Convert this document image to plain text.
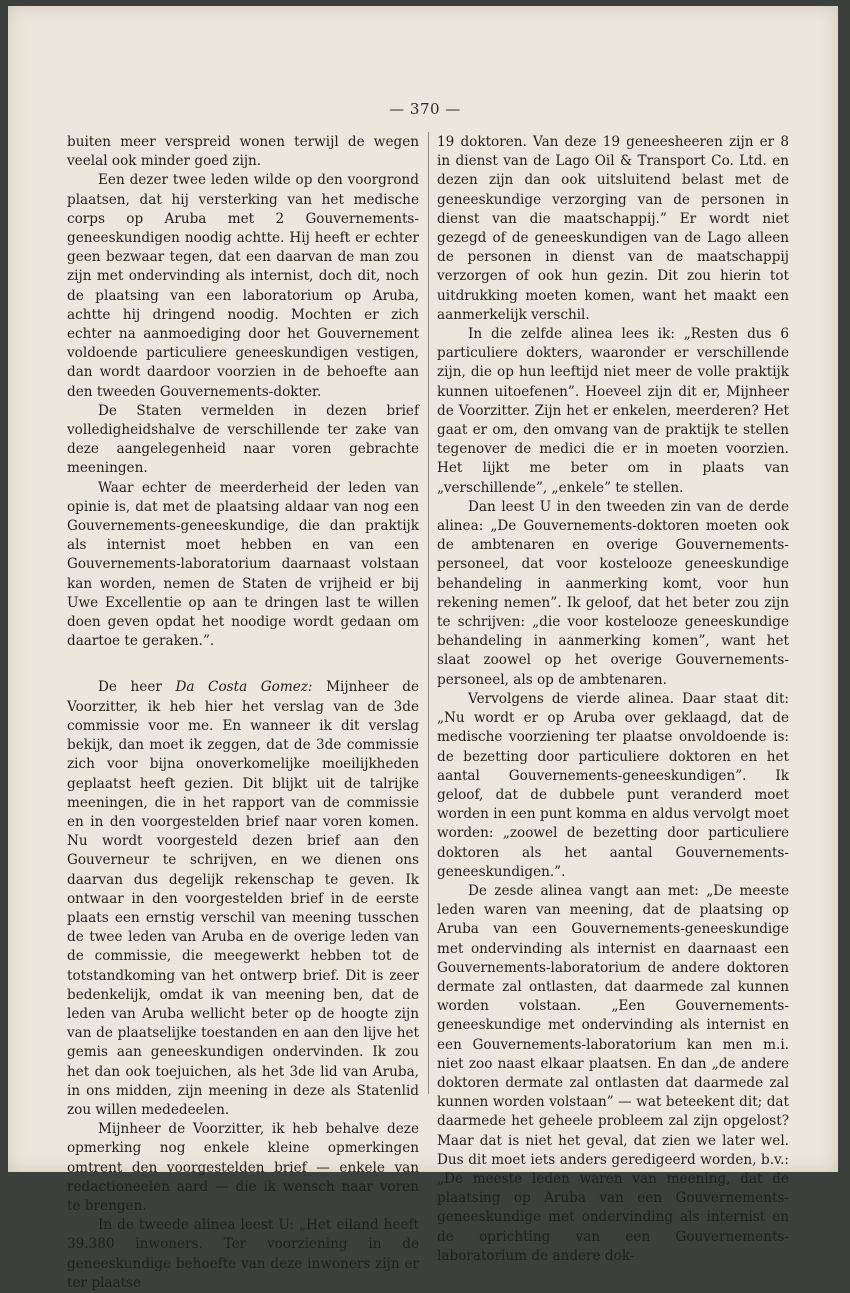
— 370 —

buiten meer verspreid wonen terwijl de wegen veelal ook minder goed zijn.

Een dezer twee leden wilde op den voorgrond plaatsen, dat hij versterking van het medische corps op Aruba met 2 Gouvernements-geneeskundigen noodig achtte. Hij heeft er echter geen bezwaar tegen, dat een daarvan de man zou zijn met ondervinding als internist, doch dit, noch de plaatsing van een laboratorium op Aruba, achtte hij dringend noodig. Mochten er zich echter na aanmoediging door het Gouvernement voldoende particuliere geneeskundigen vestigen, dan wordt daardoor voorzien in de behoefte aan den tweeden Gouvernements-dokter.

De Staten vermelden in dezen brief volledigheidshalve de verschillende ter zake van deze aangelegenheid naar voren gebrachte meeningen.

Waar echter de meerderheid der leden van opinie is, dat met de plaatsing aldaar van nog een Gouvernements-geneeskundige, die dan praktijk als internist moet hebben en van een Gouvernements-laboratorium daarnaast volstaan kan worden, nemen de Staten de vrijheid er bij Uwe Excellentie op aan te dringen last te willen doen geven opdat het noodige wordt gedaan om daartoe te geraken.”.

De heer Da Costa Gomez: Mijnheer de Voorzitter, ik heb hier het verslag van de 3de commissie voor me. En wanneer ik dit verslag bekijk, dan moet ik zeggen, dat de 3de commissie zich voor bijna onoverkomelijke moeilijkheden geplaatst heeft gezien. Dit blijkt uit de talrijke meeningen, die in het rapport van de commissie en in den voorgestelden brief naar voren komen. Nu wordt voorgesteld dezen brief aan den Gouverneur te schrijven, en we dienen ons daarvan dus degelijk rekenschap te geven. Ik ontwaar in den voorgestelden brief in de eerste plaats een ernstig verschil van meening tusschen de twee leden van Aruba en de overige leden van de commissie, die meegewerkt hebben tot de totstandkoming van het ontwerp brief. Dit is zeer bedenkelijk, omdat ik van meening ben, dat de leden van Aruba wellicht beter op de hoogte zijn van de plaatselijke toestanden en aan den lijve het gemis aan geneeskundigen ondervinden. Ik zou het dan ook toejuichen, als het 3de lid van Aruba, in ons midden, zijn meening in deze als Statenlid zou willen mededeelen.

Mijnheer de Voorzitter, ik heb behalve deze opmerking nog enkele kleine opmerkingen omtrent den voorgestelden brief — enkele van redactioneelen aard — die ik wensch naar voren te brengen.

In de tweede alinea leest U: „Het eiland heeft 39.380 inwoners. Ter voorziening in de geneeskundige behoefte van deze inwoners zijn er ter plaatse

19 doktoren. Van deze 19 geneesheeren zijn er 8 in dienst van de Lago Oil & Transport Co. Ltd. en dezen zijn dan ook uitsluitend belast met de geneeskundige verzorging van de personen in dienst van die maatschappij.” Er wordt niet gezegd of de geneeskundigen van de Lago alleen de personen in dienst van de maatschappij verzorgen of ook hun gezin. Dit zou hierin tot uitdrukking moeten komen, want het maakt een aanmerkelijk verschil.

In die zelfde alinea lees ik: „Resten dus 6 particuliere dokters, waaronder er verschillende zijn, die op hun leeftijd niet meer de volle praktijk kunnen uitoefenen”. Hoeveel zijn dit er, Mijnheer de Voorzitter. Zijn het er enkelen, meerderen? Het gaat er om, den omvang van de praktijk te stellen tegenover de medici die er in moeten voorzien. Het lijkt me beter om in plaats van „verschillende”, „enkele” te stellen.

Dan leest U in den tweeden zin van de derde alinea: „De Gouvernements-doktoren moeten ook de ambtenaren en overige Gouvernements-personeel, dat voor kostelooze geneeskundige behandeling in aanmerking komt, voor hun rekening nemen”. Ik geloof, dat het beter zou zijn te schrijven: „die voor kostelooze geneeskundige behandeling in aanmerking komen”, want het slaat zoowel op het overige Gouvernements-personeel, als op de ambtenaren.

Vervolgens de vierde alinea. Daar staat dit: „Nu wordt er op Aruba over geklaagd, dat de medische voorziening ter plaatse onvoldoende is: de bezetting door particuliere doktoren en het aantal Gouvernements-geneeskundigen”. Ik geloof, dat de dubbele punt veranderd moet worden in een punt komma en aldus vervolgt moet worden: „zoowel de bezetting door particuliere doktoren als het aantal Gouvernements-geneeskundigen.”.

De zesde alinea vangt aan met: „De meeste leden waren van meening, dat de plaatsing op Aruba van een Gouvernements-geneeskundige met ondervinding als internist en daarnaast een Gouvernements-laboratorium de andere doktoren dermate zal ontlasten, dat daarmede zal kunnen worden volstaan. „Een Gouvernements-geneeskundige met ondervinding als internist en een Gouvernements-laboratorium kan men m.i. niet zoo naast elkaar plaatsen. En dan „de andere doktoren dermate zal ontlasten dat daarmede zal kunnen worden volstaan” — wat beteekent dit; dat daarmede het geheele probleem zal zijn opgelost? Maar dat is niet het geval, dat zien we later wel. Dus dit moet iets anders geredigeerd worden, b.v.: „De meeste leden waren van meening, dat de plaatsing op Aruba van een Gouvernements-geneeskundige met ondervinding als internist en de oprichting van een Gouvernements-laboratorium de andere dok-
